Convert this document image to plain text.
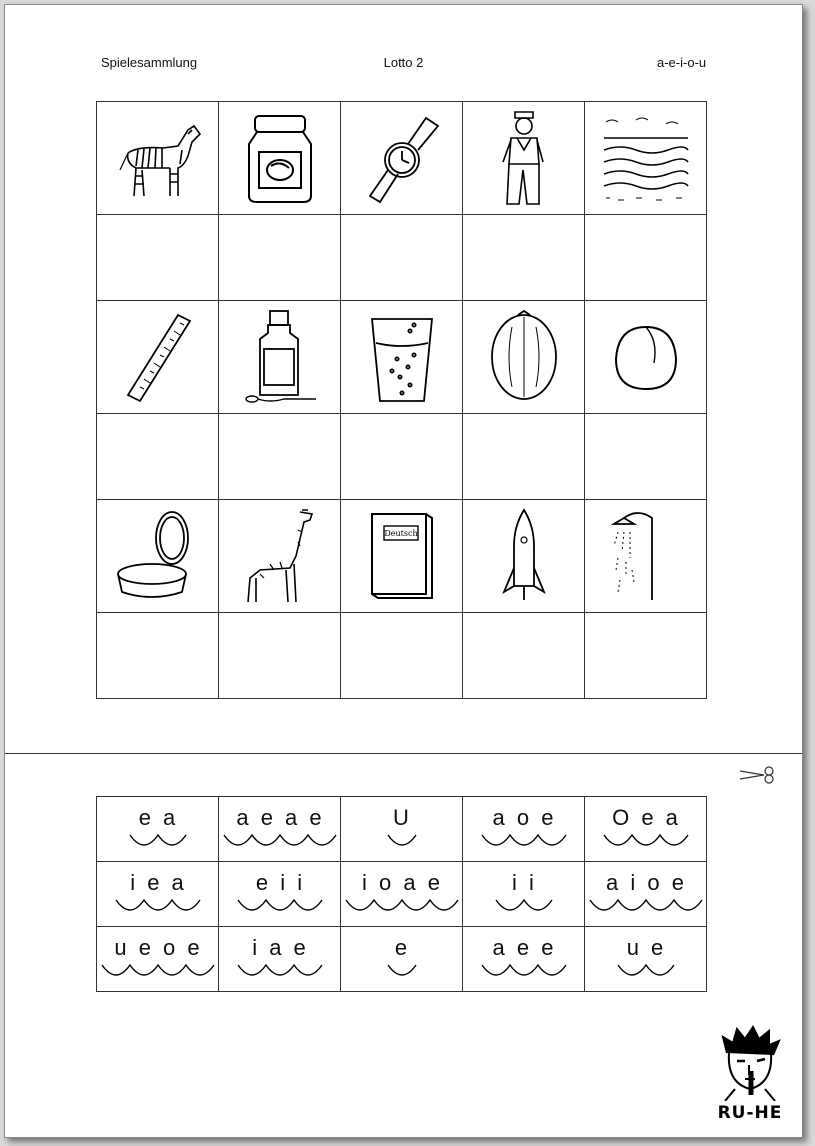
Spielesammlung	Lotto 2	a-e-i-o-u

Deutsch

e a	a e a e	U	a o e	O e a

i e a	e i i	i o a e	i i	a i o e

u e o e	i a e	e	a e e	u e
RU-HE
